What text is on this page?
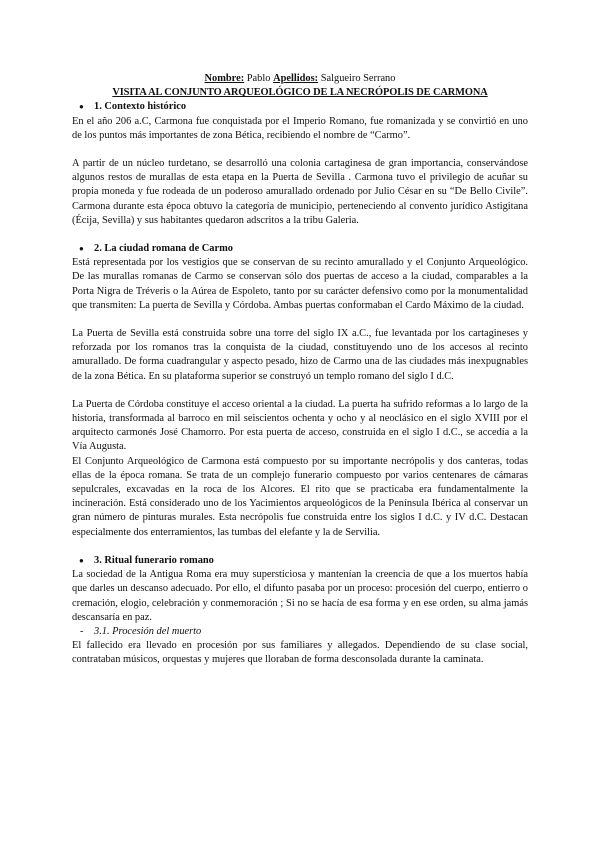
Nombre: Pablo Apellidos: Salgueiro Serrano
VISITA AL CONJUNTO ARQUEOLÓGICO DE LA NECRÓPOLIS DE CARMONA
● 1. Contexto histórico

En el año 206 a.C, Carmona fue conquistada por el Imperio Romano, fue romanizada y se convirtió en uno de los puntos más importantes de zona Bética, recibiendo el nombre de “Carmo”.

A partir de un núcleo turdetano, se desarrolló una colonia cartaginesa de gran importancia, conservándose algunos restos de murallas de esta etapa en la Puerta de Sevilla . Carmona tuvo el privilegio de acuñar su propia moneda y fue rodeada de un poderoso amurallado ordenado por Julio César en su “De Bello Civile”. Carmona durante esta época obtuvo la categoría de municipio, perteneciendo al convento jurídico Astigitana (Écija, Sevilla) y sus habitantes quedaron adscritos a la tribu Galeria.

● 2. La ciudad romana de Carmo

Está representada por los vestigios que se conservan de su recinto amurallado y el Conjunto Arqueológico. De las murallas romanas de Carmo se conservan sólo dos puertas de acceso a la ciudad, comparables a la Porta Nigra de Tréveris o la Aúrea de Espoleto, tanto por su carácter defensivo como por la monumentalidad que transmiten: La puerta de Sevilla y Córdoba. Ambas puertas conformaban el Cardo Máximo de la ciudad.

La Puerta de Sevilla está construida sobre una torre del siglo IX a.C., fue levantada por los cartagineses y reforzada por los romanos tras la conquista de la ciudad, constituyendo uno de los accesos al recinto amurallado. De forma cuadrangular y aspecto pesado, hizo de Carmo una de las ciudades más inexpugnables de la zona Bética. En su plataforma superior se construyó un templo romano del siglo I d.C.

La Puerta de Córdoba constituye el acceso oriental a la ciudad. La puerta ha sufrido reformas a lo largo de la historia, transformada al barroco en mil seiscientos ochenta y ocho y al neoclásico en el siglo XVIII por el arquitecto carmonés José Chamorro. Por esta puerta de acceso, construida en el siglo I d.C., se accedía a la Vía Augusta.

El Conjunto Arqueológico de Carmona está compuesto por su importante necrópolis y dos canteras, todas ellas de la época romana. Se trata de un complejo funerario compuesto por varios centenares de cámaras sepulcrales, excavadas en la roca de los Alcores. El rito que se practicaba era fundamentalmente la incineración. Está considerado uno de los Yacimientos arqueológicos de la Península Ibérica al conservar un gran número de pinturas murales. Esta necrópolis fue construida entre los siglos I d.C. y IV d.C. Destacan especialmente dos enterramientos, las tumbas del elefante y la de Servilia.

● 3. Ritual funerario romano

La sociedad de la Antigua Roma era muy supersticiosa y mantenían la creencia de que a los muertos había que darles un descanso adecuado. Por ello, el difunto pasaba por un proceso: procesión del cuerpo, entierro o cremación, elogio, celebración y conmemoración ; Si no se hacía de esa forma y en ese orden, su alma jamás descansaría en paz.

- 3.1. Procesión del muerto

El fallecido era llevado en procesión por sus familiares y allegados. Dependiendo de su clase social, contrataban músicos, orquestas y mujeres que lloraban de forma desconsolada durante la caminata.
